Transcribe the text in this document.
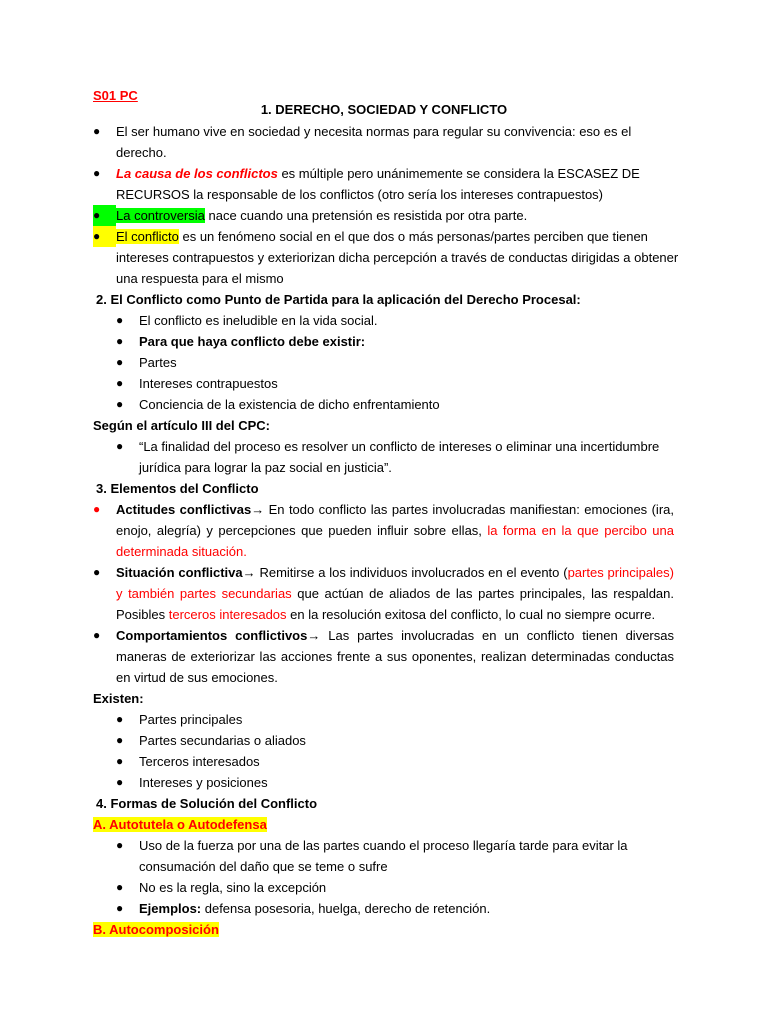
S01 PC
1. DERECHO, SOCIEDAD Y CONFLICTO
● El ser humano vive en sociedad y necesita normas para regular su convivencia: eso es el
derecho.
● La causa de los conflictos es múltiple pero unánimemente se considera la ESCASEZ DE
RECURSOS la responsable de los conflictos (otro sería los intereses contrapuestos)
●	La controversia nace cuando una pretensión es resistida por otra parte.
●	El conflicto es un fenómeno social en el que dos o más personas/partes perciben que tienen
intereses contrapuestos y exteriorizan dicha percepción a través de conductas dirigidas a obtener
una respuesta para el mismo
2. El Conflicto como Punto de Partida para la aplicación del Derecho Procesal:
● El conflicto es ineludible en la vida social.
● Para que haya conflicto debe existir:
● Partes
● Intereses contrapuestos
● Conciencia de la existencia de dicho enfrentamiento
Según el artículo III del CPC:
● “La finalidad del proceso es resolver un conflicto de intereses o eliminar una incertidumbre
jurídica para lograr la paz social en justicia”.
3. Elementos del Conflicto
● Actitudes conflictivas→ En todo conflicto las partes involucradas manifiestan: emociones (ira,
enojo, alegría) y percepciones que pueden influir sobre ellas, la forma en la que percibo una
determinada situación.
● Situación conflictiva→ Remitirse a los individuos involucrados en el evento (partes principales)
y también partes secundarias que actúan de aliados de las partes principales, las respaldan.
Posibles terceros interesados en la resolución exitosa del conflicto, lo cual no siempre ocurre.
● Comportamientos conflictivos→ Las partes involucradas en un conflicto tienen diversas
maneras de exteriorizar las acciones frente a sus oponentes, realizan determinadas conductas
en virtud de sus emociones.
Existen:
● Partes principales
● Partes secundarias o aliados
● Terceros interesados
● Intereses y posiciones
4. Formas de Solución del Conflicto
A. Autotutela o Autodefensa
● Uso de la fuerza por una de las partes cuando el proceso llegaría tarde para evitar la
consumación del daño que se teme o sufre
● No es la regla, sino la excepción
● Ejemplos: defensa posesoria, huelga, derecho de retención.
B. Autocomposición
